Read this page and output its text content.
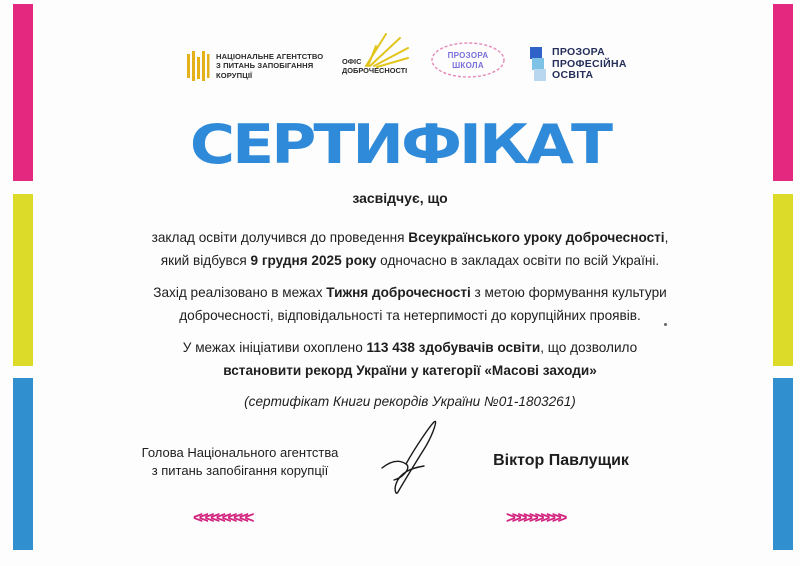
НАЦІОНАЛЬНЕ АГЕНТСТВО
З ПИТАНЬ ЗАПОБІГАННЯ
КОРУПЦІЇ
ОФІС
ДОБРОЧЕСНОСТІ
ПРОЗОРА
ШКОЛА
ПРОЗОРА
ПРОФЕСІЙНА
ОСВІТА
СЕРТИФІКАТ
засвідчує, що
заклад освіти долучився до проведення Всеукраїнського уроку доброчесності,
який відбувся 9 грудня 2025 року одночасно в закладах освіти по всій Україні.
Захід реалізовано в межах Тижня доброчесності з метою формування культури
доброчесності, відповідальності та нетерпимості до корупційних проявів.
У межах ініціативи охоплено 113 438 здобувачів освіти, що дозволило
встановити рекорд України у категорії «Масові заходи»
(сертифікат Книги рекордів України №01-1803261)
Голова Національного агентства
з питань запобігання корупції
Віктор Павлущик
<<<<<<<<<<	>>>>>>>>>>
